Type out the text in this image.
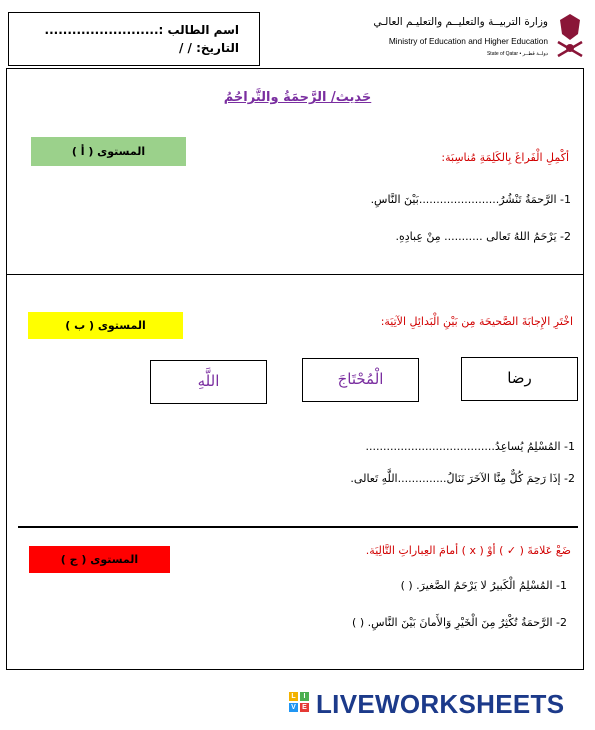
اسم الطالب :.........................
التاريخ: / /
وزارة التربيــة والتعليــم والتعليـم العالـي
Ministry of Education and Higher Education
State of Qatar • دولــة قطــر
حَديث/ الرَّحمَةُ والتَّراحُمُ
المستوى ( أ )	أكْمِلِ الْفَراغَ بِالكَلِمَةِ مُناسِبَة:
1- الرَّحمَةُ تَنْشُرُ.......................بَيْنَ النَّاسِ.
2- يَرْحَمُ اللهُ تَعالى ........... مِنْ عِبادِهِ.
المستوى ( ب )	اخْتَرِ الإِجابَةَ الصَّحيحَة مِن بَيْنِ الْبَدائِلِ الآتِيَة:
اللَّهِ	الْمُحْتَاجَ	رضا
1- المُسْلِمُ يُساعِدُ.....................................
2- إذَا رَحِمَ كُلٌّ مِنَّا الآخَرَ نَنَالُ..............اللَّهِ تَعالى.
المستوى ( ج )
ضَعْ عَلامَةَ ( ✓ ) أوْ ( x ) أمامَ العِباراتِ التَّالِيَة.
1- المُسْلِمُ الْكَبيرُ لا يَرْحَمُ الصَّغيرَ. ( )
2- الرَّحمَةُ تُكْثِرُ مِنَ الْخَيْرِ وَالأَمانَ بَيْنَ النَّاسِ. ( )
L	I
V E LIVEWORKSHEETS
